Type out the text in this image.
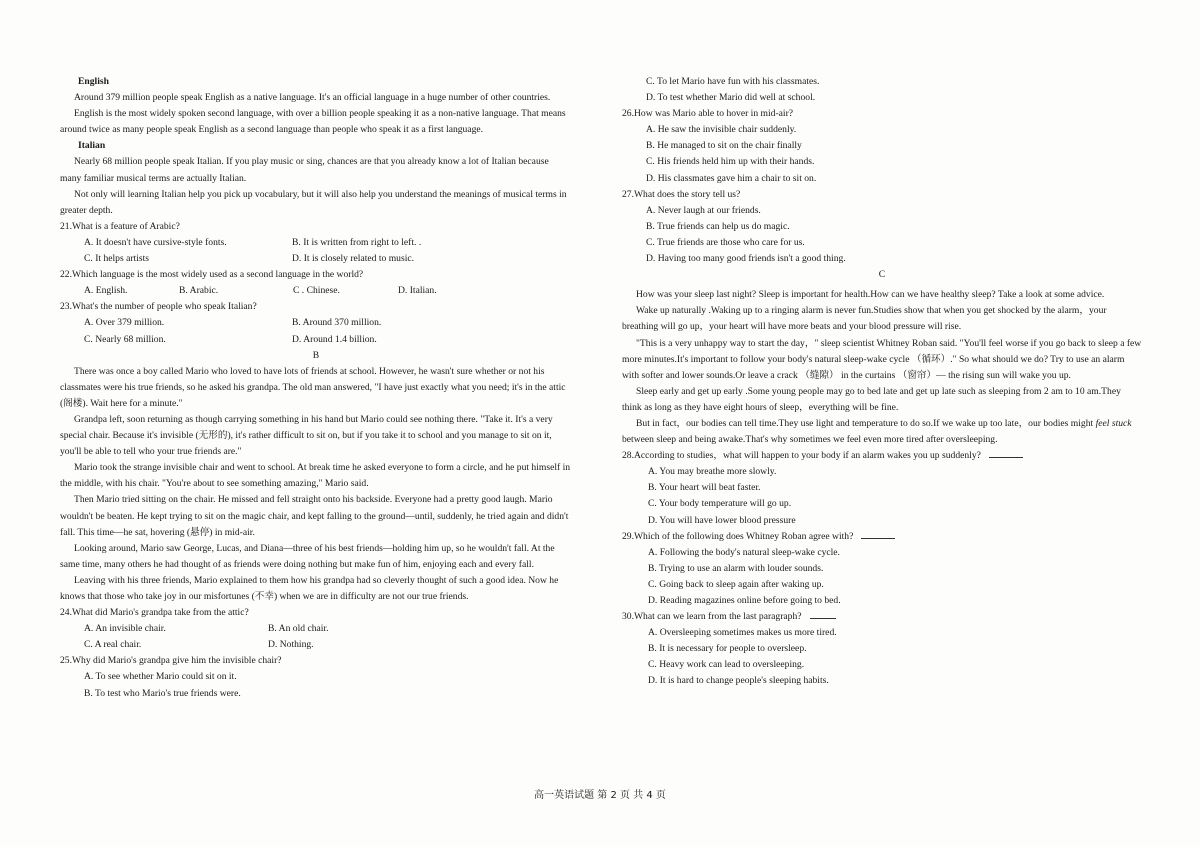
English

Around 379 million people speak English as a native language. It's an official language in a huge number of other countries.

English is the most widely spoken second language, with over a billion people speaking it as a non-native language. That means around twice as many people speak English as a second language than people who speak it as a first language.

Italian

Nearly 68 million people speak Italian. If you play music or sing, chances are that you already know a lot of Italian because many familiar musical terms are actually Italian.

Not only will learning Italian help you pick up vocabulary, but it will also help you understand the meanings of musical terms in greater depth.

21.What is a feature of Arabic?

A. It doesn't have cursive-style fonts.	B. It is written from right to left. .
C. It helps artists	D. It is closely related to music.

22.Which language is the most widely used as a second language in the world?

A. English.	B. Arabic.	C . Chinese.	D. Italian.

23.What's the number of people who speak Italian?

A. Over 379 million.	B. Around 370 million.
C. Nearly 68 million.	D. Around 1.4 billion.

B

There was once a boy called Mario who loved to have lots of friends at school. However, he wasn't sure whether or not his classmates were his true friends, so he asked his grandpa. The old man answered, "I have just exactly what you need; it's in the attic (阁楼). Wait here for a minute."

Grandpa left, soon returning as though carrying something in his hand but Mario could see nothing there. "Take it. It's a very special chair. Because it's invisible (无形的), it's rather difficult to sit on, but if you take it to school and you manage to sit on it, you'll be able to tell who your true friends are."

Mario took the strange invisible chair and went to school. At break time he asked everyone to form a circle, and he put himself in the middle, with his chair. "You're about to see something amazing," Mario said.

Then Mario tried sitting on the chair. He missed and fell straight onto his backside. Everyone had a pretty good laugh. Mario wouldn't be beaten. He kept trying to sit on the magic chair, and kept falling to the ground—until, suddenly, he tried again and didn't fall. This time—he sat, hovering (悬停) in mid-air.

Looking around, Mario saw George, Lucas, and Diana—three of his best friends—holding him up, so he wouldn't fall. At the same time, many others he had thought of as friends were doing nothing but make fun of him, enjoying each and every fall.

Leaving with his three friends, Mario explained to them how his grandpa had so cleverly thought of such a good idea. Now he knows that those who take joy in our misfortunes (不幸) when we are in difficulty are not our true friends.

24.What did Mario's grandpa take from the attic?

A. An invisible chair.	B. An old chair.
C. A real chair.	D. Nothing.

25.Why did Mario's grandpa give him the invisible chair?

A. To see whether Mario could sit on it.

B. To test who Mario's true friends were.

C. To let Mario have fun with his classmates.

D. To test whether Mario did well at school.

26.How was Mario able to hover in mid-air?

A. He saw the invisible chair suddenly.

B. He managed to sit on the chair finally

C. His friends held him up with their hands.

D. His classmates gave him a chair to sit on.

27.What does the story tell us?

A. Never laugh at our friends.

B. True friends can help us do magic.

C. True friends are those who care for us.

D. Having too many good friends isn't a good thing.

C

How was your sleep last night? Sleep is important for health.How can we have healthy sleep? Take a look at some advice.

Wake up naturally .Waking up to a ringing alarm is never fun.Studies show that when you get shocked by the alarm，your breathing will go up，your heart will have more beats and your blood pressure will rise.

"This is a very unhappy way to start the day，" sleep scientist Whitney Roban said. "You'll feel worse if you go back to sleep a few more minutes.It's important to follow your body's natural sleep-wake cycle （循环）." So what should we do? Try to use an alarm with softer and lower sounds.Or leave a crack （缝隙） in the curtains （窗帘）— the rising sun will wake you up.

Sleep early and get up early .Some young people may go to bed late and get up late such as sleeping from 2 am to 10 am.They think as long as they have eight hours of sleep，everything will be fine.

But in fact，our bodies can tell time.They use light and temperature to do so.If we wake up too late，our bodies might feel stuck between sleep and being awake.That's why sometimes we feel even more tired after oversleeping.

28.According to studies，what will happen to your body if an alarm wakes you up suddenly?

A. You may breathe more slowly.

B. Your heart will beat faster.

C. Your body temperature will go up.

D. You will have lower blood pressure

29.Which of the following does Whitney Roban agree with?

A. Following the body's natural sleep-wake cycle.

B. Trying to use an alarm with louder sounds.

C. Going back to sleep again after waking up.

D. Reading magazines online before going to bed.

30.What can we learn from the last paragraph?

A. Oversleeping sometimes makes us more tired.

B. It is necessary for people to oversleep.

C. Heavy work can lead to oversleeping.

D. It is hard to change people's sleeping habits.

高一英语试题 第 2 页 共 4 页
